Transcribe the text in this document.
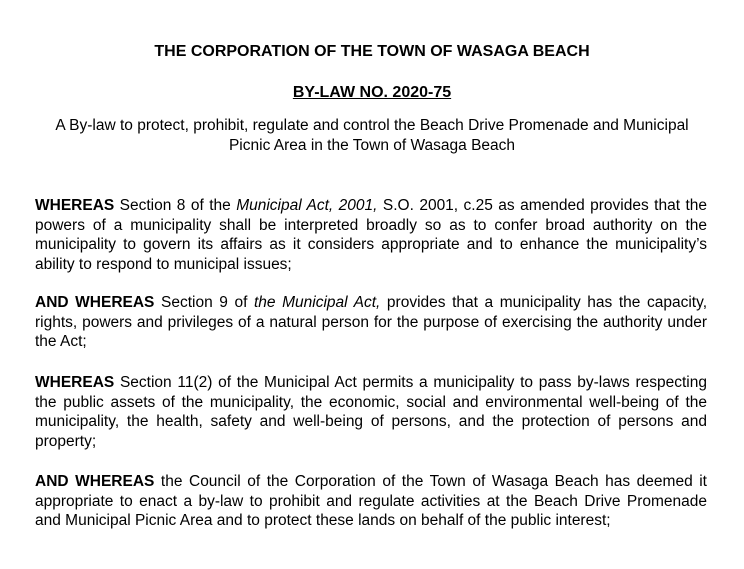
THE CORPORATION OF THE TOWN OF WASAGA BEACH

BY-LAW NO. 2020-75

A By-law to protect, prohibit, regulate and control the Beach Drive Promenade and Municipal Picnic Area in the Town of Wasaga Beach

WHEREAS Section 8 of the Municipal Act, 2001, S.O. 2001, c.25 as amended provides that the powers of a municipality shall be interpreted broadly so as to confer broad authority on the municipality to govern its affairs as it considers appropriate and to enhance the municipality’s ability to respond to municipal issues;

AND WHEREAS Section 9 of the Municipal Act, provides that a municipality has the capacity, rights, powers and privileges of a natural person for the purpose of exercising the authority under the Act;

WHEREAS Section 11(2) of the Municipal Act permits a municipality to pass by-laws respecting the public assets of the municipality, the economic, social and environmental well-being of the municipality, the health, safety and well-being of persons, and the protection of persons and property;

AND WHEREAS the Council of the Corporation of the Town of Wasaga Beach has deemed it appropriate to enact a by-law to prohibit and regulate activities at the Beach Drive Promenade and Municipal Picnic Area and to protect these lands on behalf of the public interest;
